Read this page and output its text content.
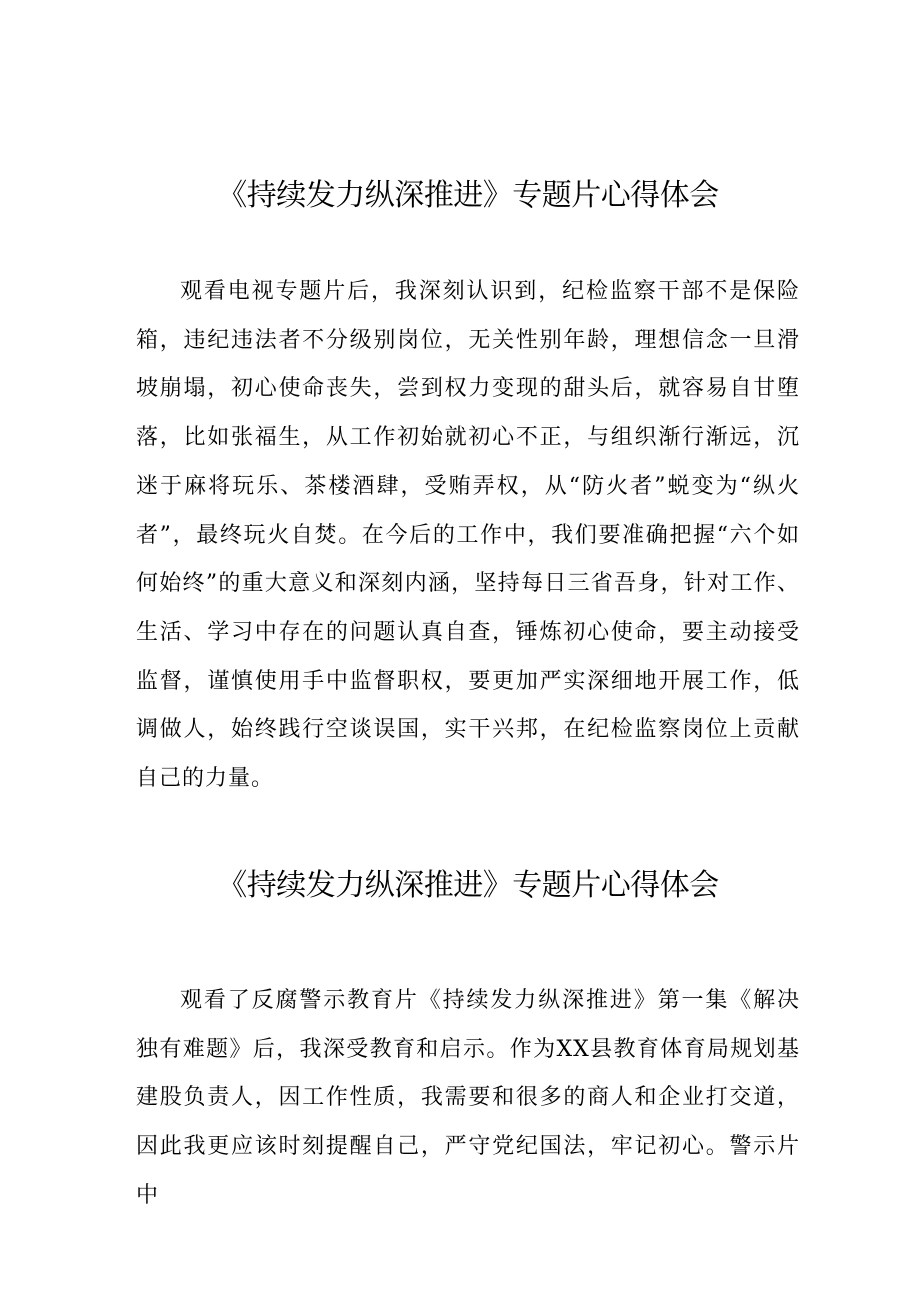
《持续发力纵深推进》专题片心得体会

观看电视专题片后，我深刻认识到，纪检监察干部不是保险箱，违纪违法者不分级别岗位，无关性别年龄，理想信念一旦滑坡崩塌，初心使命丧失，尝到权力变现的甜头后，就容易自甘堕落，比如张福生，从工作初始就初心不正，与组织渐行渐远，沉迷于麻将玩乐、茶楼酒肆，受贿弄权，从“防火者”蜕变为“纵火者”，最终玩火自焚。在今后的工作中，我们要准确把握“六个如何始终”的重大意义和深刻内涵，坚持每日三省吾身，针对工作、生活、学习中存在的问题认真自查，锤炼初心使命，要主动接受监督，谨慎使用手中监督职权，要更加严实深细地开展工作，低调做人，始终践行空谈误国，实干兴邦，在纪检监察岗位上贡献自己的力量。

《持续发力纵深推进》专题片心得体会

观看了反腐警示教育片《持续发力纵深推进》第一集《解决独有难题》后，我深受教育和启示。作为XX县教育体育局规划基建股负责人，因工作性质，我需要和很多的商人和企业打交道，因此我更应该时刻提醒自己，严守党纪国法，牢记初心。警示片中
